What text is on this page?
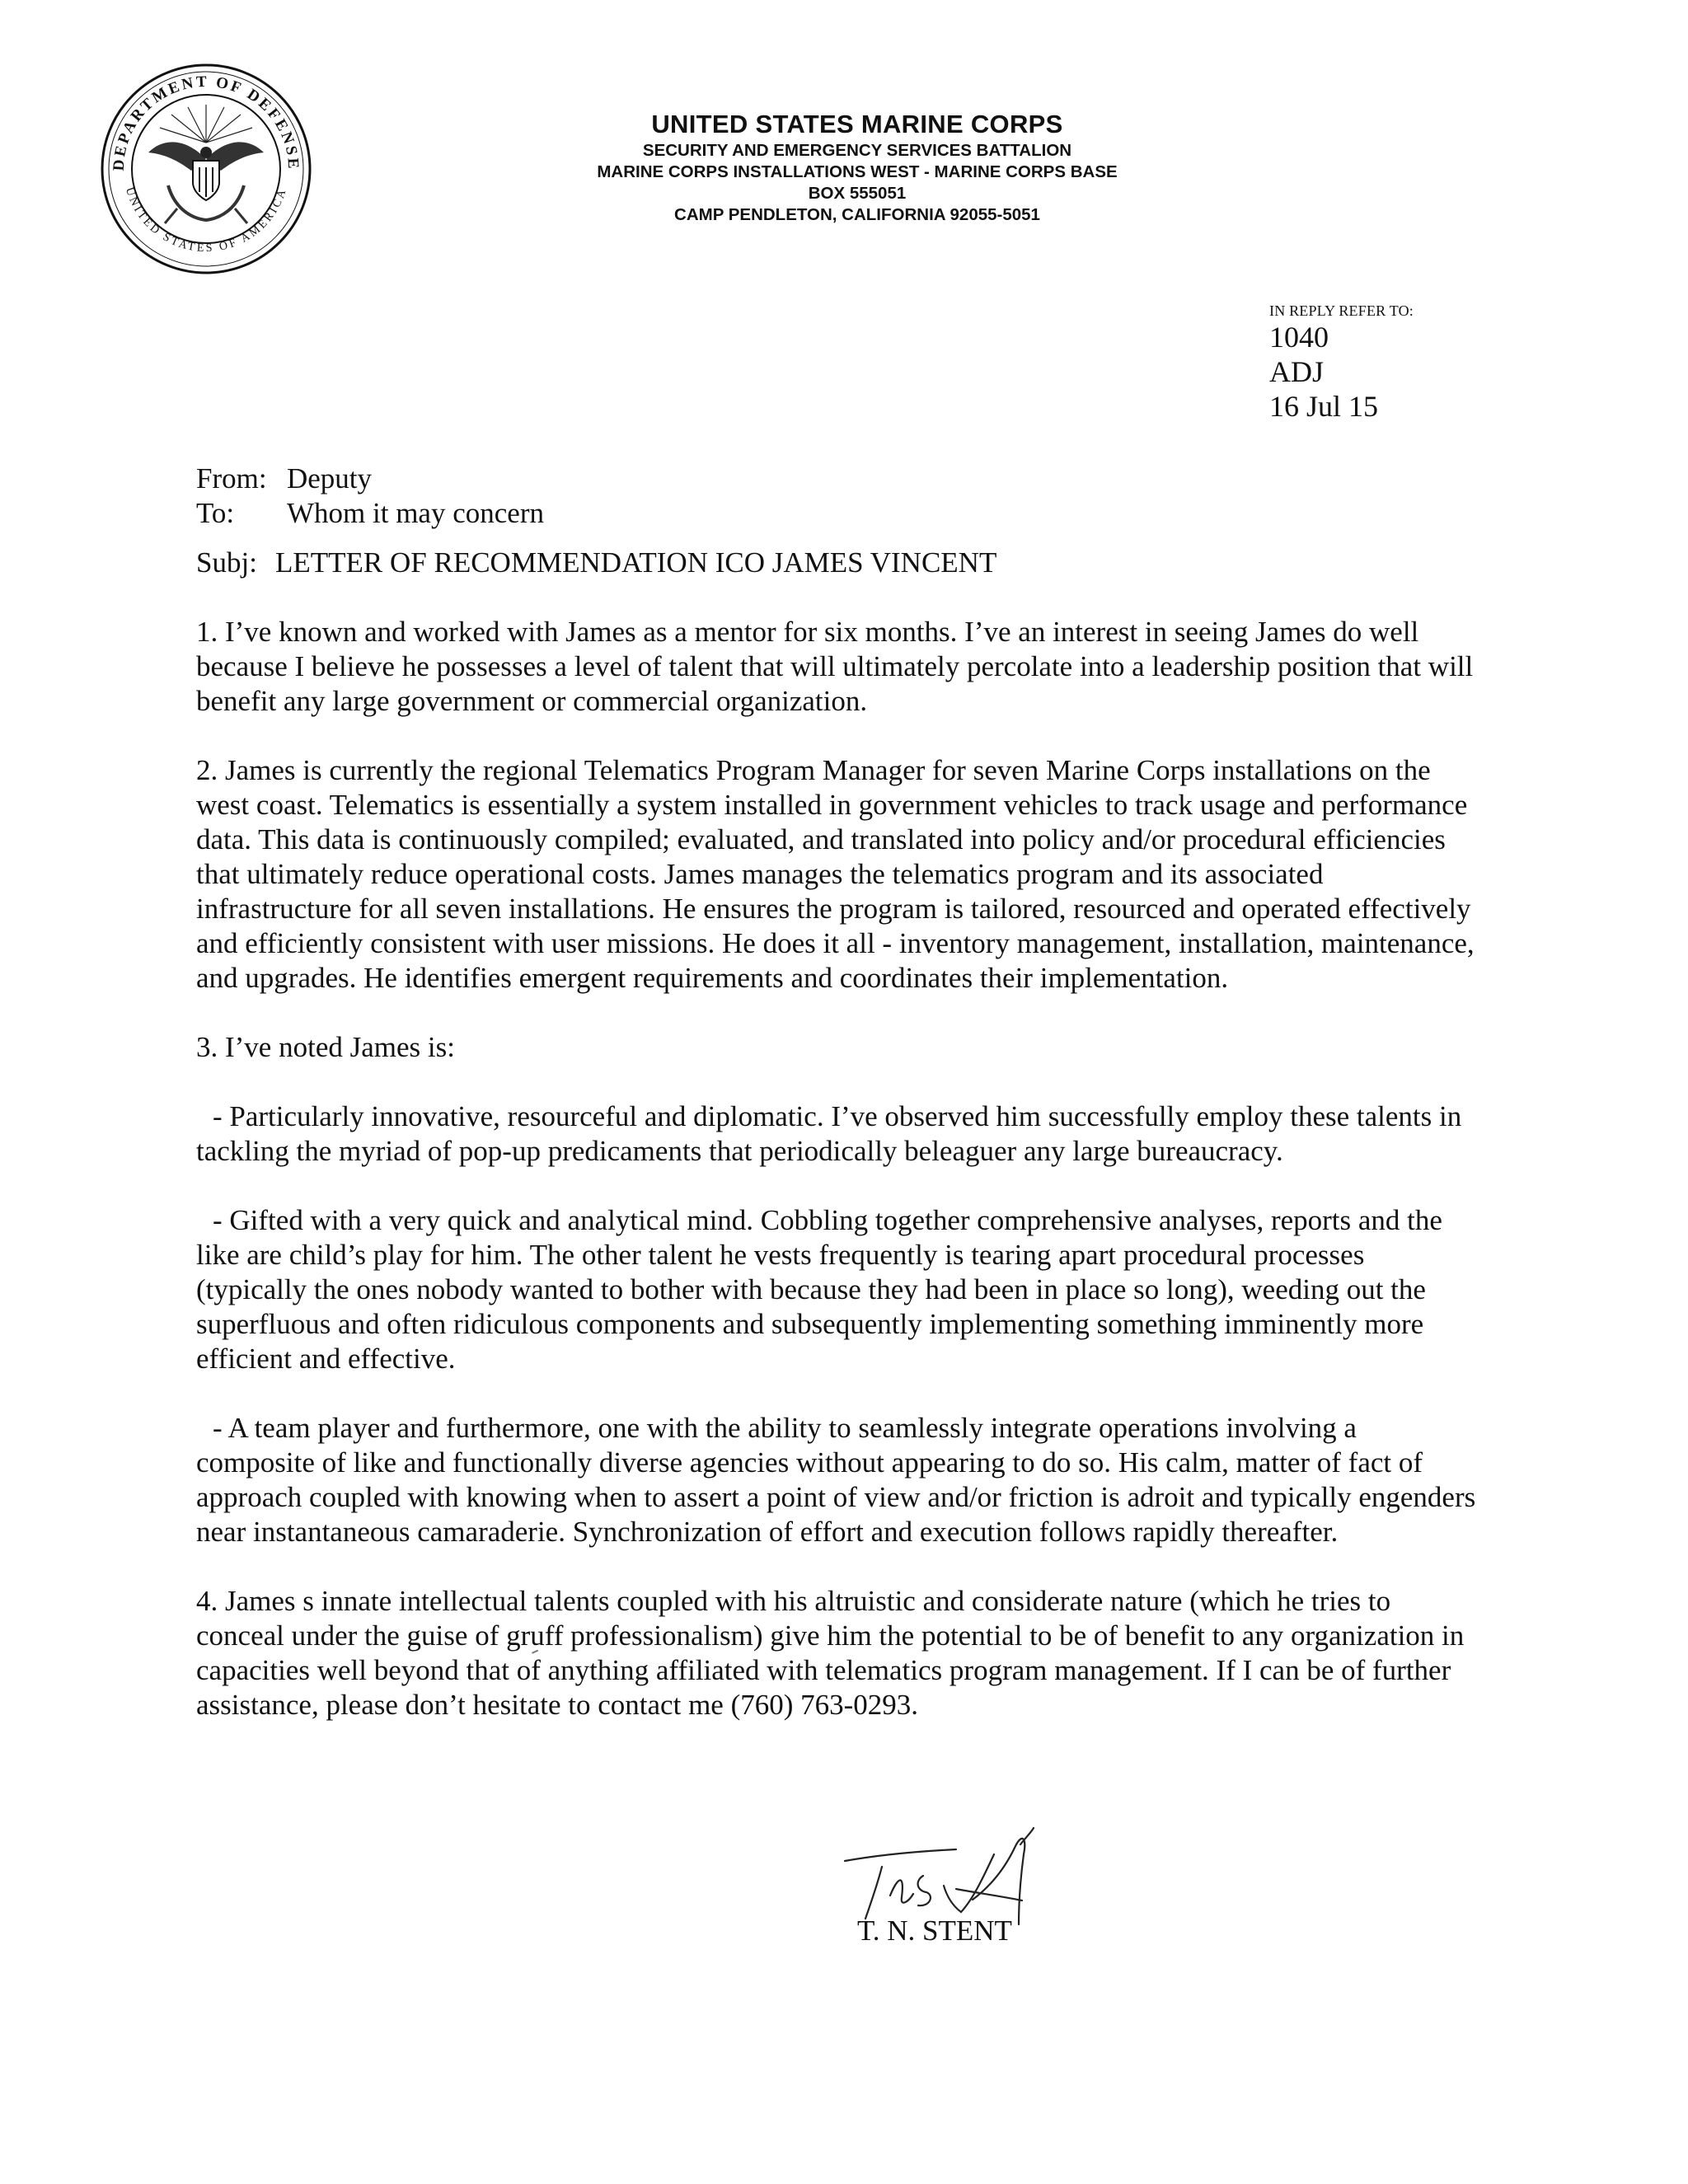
DEPARTMENT OF DEFENSE
UNITED STATES OF AMERICA
UNITED STATES MARINE CORPS
SECURITY AND EMERGENCY SERVICES BATTALION
MARINE CORPS INSTALLATIONS WEST - MARINE CORPS BASE
BOX 555051
CAMP PENDLETON, CALIFORNIA 92055-5051
IN REPLY REFER TO:
1040
ADJ
16 Jul 15
From: Deputy
To:	Whom it may concern
Subj: LETTER OF RECOMMENDATION ICO JAMES VINCENT
1. I’ve known and worked with James as a mentor for six months. I’ve an interest in seeing James do well because I believe he possesses a level of talent that will ultimately percolate into a leadership position that will benefit any large government or commercial organization.
2. James is currently the regional Telematics Program Manager for seven Marine Corps installations on the west coast. Telematics is essentially a system installed in government vehicles to track usage and performance data. This data is continuously compiled; evaluated, and translated into policy and/or procedural efficiencies that ultimately reduce operational costs. James manages the telematics program and its associated infrastructure for all seven installations. He ensures the program is tailored, resourced and operated effectively and efficiently consistent with user missions. He does it all - inventory management, installation, maintenance, and upgrades. He identifies emergent requirements and coordinates their implementation.
3. I’ve noted James is:
- Particularly innovative, resourceful and diplomatic. I’ve observed him successfully employ these talents in tackling the myriad of pop-up predicaments that periodically beleaguer any large bureaucracy.
- Gifted with a very quick and analytical mind. Cobbling together comprehensive analyses, reports and the like are child’s play for him. The other talent he vests frequently is tearing apart procedural processes (typically the ones nobody wanted to bother with because they had been in place so long), weeding out the superfluous and often ridiculous components and subsequently implementing something imminently more efficient and effective.
- A team player and furthermore, one with the ability to seamlessly integrate operations involving a composite of like and functionally diverse agencies without appearing to do so. His calm, matter of fact of approach coupled with knowing when to assert a point of view and/or friction is adroit and typically engenders near instantaneous camaraderie. Synchronization of effort and execution follows rapidly thereafter.
4. James s innate intellectual talents coupled with his altruistic and considerate nature (which he tries to conceal under the guise of gruff professionalism) give him the potential to be of benefit to any organization in capacities well beyond that of anything affiliated with telematics program management. If I can be of further assistance, please don’t hesitate to contact me (760) 763-0293.
T. N. STENT
